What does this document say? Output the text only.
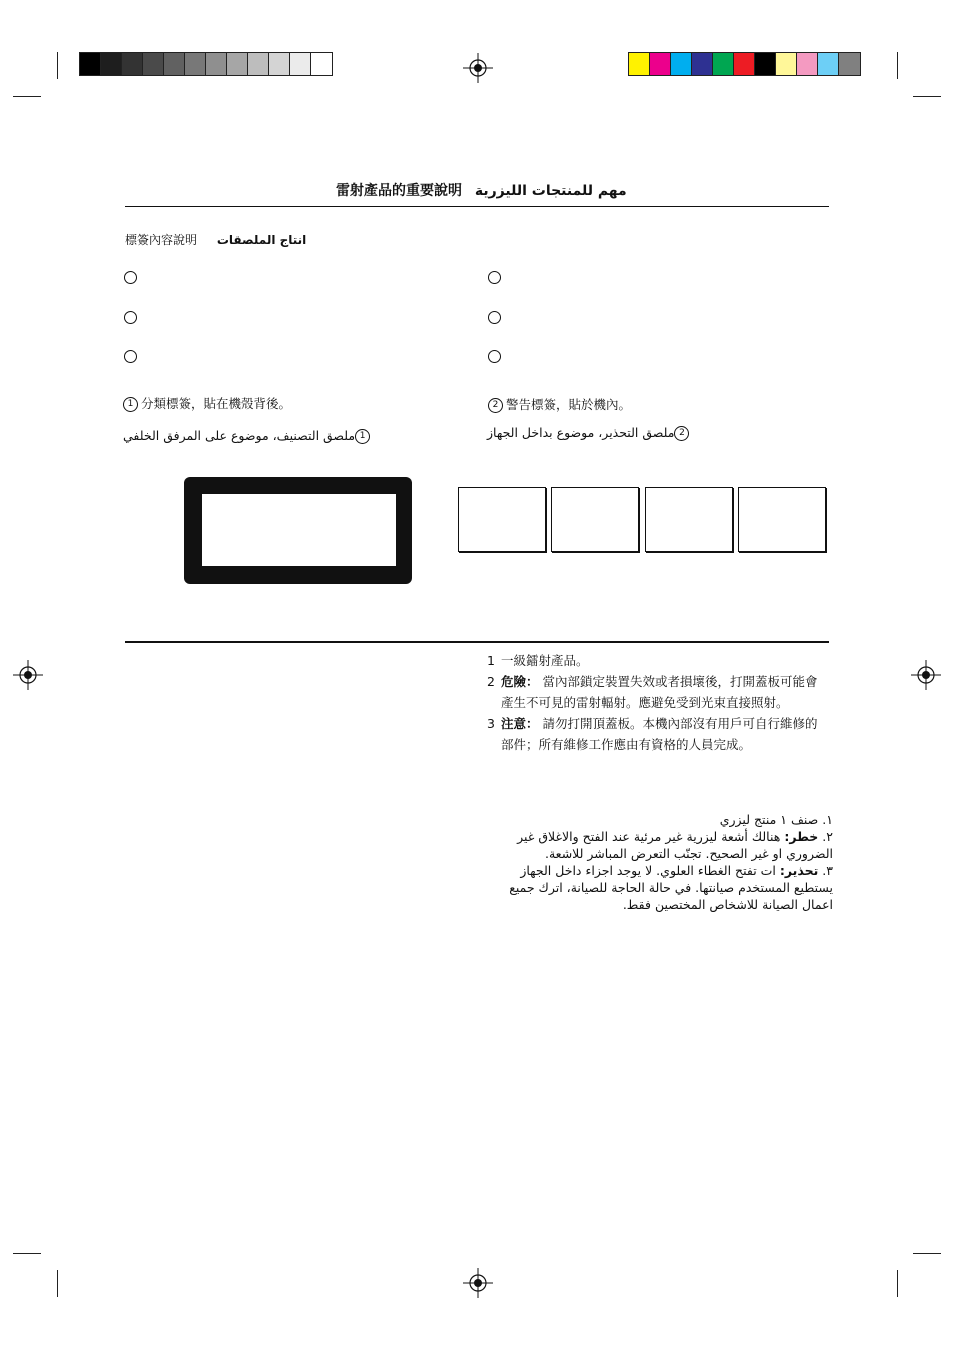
雷射產品的重要說明 مهم للمنتجات الليزرية
標簽內容說明 انتاج الملصقات
1 分類標簽，貼在機殼背後。	2 警告標簽，貼於機內。
1ملصق التصنيف، موضوع على المرفق الخلفي	2ملصق التحذير، موضوع بداخل الجهاز
1 一級鐳射產品。
2 危險： 當內部鎖定裝置失效或者損壞後，打開蓋板可能會產生不可見的雷射輻射。應避免受到光束直接照射。
3 注意： 請勿打開頂蓋板。本機內部沒有用戶可自行維修的部件；所有維修工作應由有資格的人員完成。
١. صنف ١ منتج ليزري
٢. خطر: هنالك أشعة ليزرية غير مرئية عند الفتح والاغلاق غير الضروري او غير الصحيح. تجنّب التعرض المباشر للاشعة.
٣. تحذير: ات تفتح الغطاء العلوي. لا يوجد اجزاء داخل الجهاز يستطيع المستخدم صيانتها. في حالة الحاجة للصيانة، اترك جميع اعمال الصيانة للاشخاص المختصين فقط.
